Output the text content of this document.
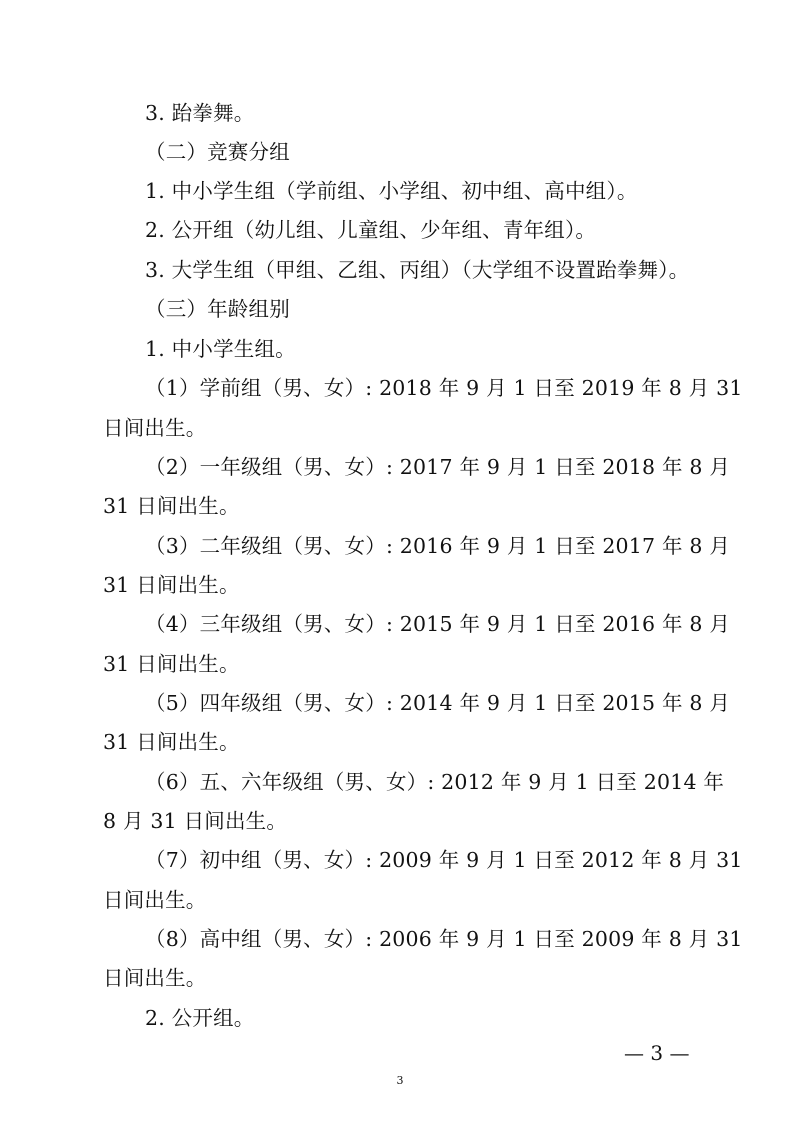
3. 跆拳舞。
（二）竞赛分组
1. 中小学生组（学前组、小学组、初中组、高中组）。
2. 公开组（幼儿组、儿童组、少年组、青年组）。
3. 大学生组（甲组、乙组、丙组）（大学组不设置跆拳舞）。
（三）年龄组别
1. 中小学生组。
（1）学前组（男、女）: 2018 年 9 月 1 日至 2019 年 8 月 31
日间出生。
（2）一年级组（男、女）: 2017 年 9 月 1 日至 2018 年 8 月
31 日间出生。
（3）二年级组（男、女）: 2016 年 9 月 1 日至 2017 年 8 月
31 日间出生。
（4）三年级组（男、女）: 2015 年 9 月 1 日至 2016 年 8 月
31 日间出生。
（5）四年级组（男、女）: 2014 年 9 月 1 日至 2015 年 8 月
31 日间出生。
（6）五、六年级组（男、女）: 2012 年 9 月 1 日至 2014 年
8 月 31 日间出生。
（7）初中组（男、女）: 2009 年 9 月 1 日至 2012 年 8 月 31
日间出生。
（8）高中组（男、女）: 2006 年 9 月 1 日至 2009 年 8 月 31
日间出生。
2. 公开组。
— 3 —
3
